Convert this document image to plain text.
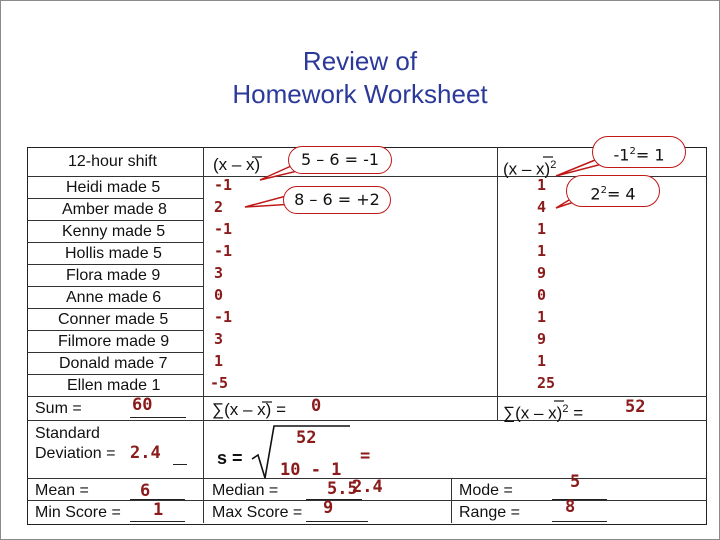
Review of
Homework Worksheet
12-hour shift	(x – x)	(x – x)$^2$
Heidi made 5	-1	1
Amber made 8	2	4
Kenny made 5	-1	1
Hollis made 5	-1	1
Flora made 9	3	9
Anne made 6	0	0
Conner made 5	-1	1
Filmore made 9	3	9
Donald made 7	1	1
Ellen made 1	-5	25
Sum =	60	∑(x – x) = 0	∑(x – x)$^2$ = 52
Standard
Deviation = 2.4	s =
52
10 - 1
=
2.4
Mean =	6	Median =	5.5	Mode =	5
Min Score = 1	Max Score = 9	Range =	8
5 – 6 = -1
8 – 6 = +2
$-1^2= 1$
$2^2= 4$
